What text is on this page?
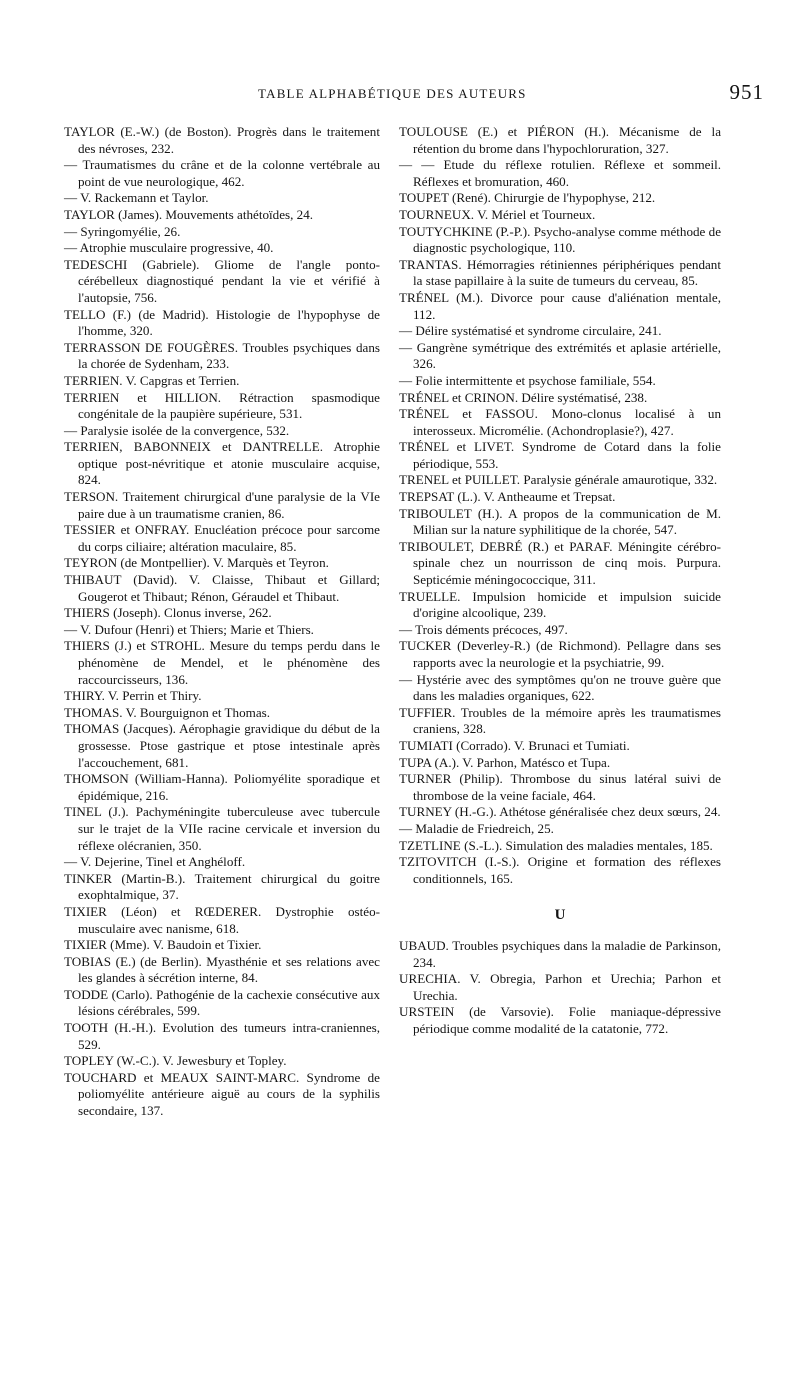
TABLE ALPHABÉTIQUE DES AUTEURS	951

TAYLOR (E.-W.) (de Boston). Progrès dans le traitement des névroses, 232.

— Traumatismes du crâne et de la colonne vertébrale au point de vue neurologique, 462.

— V. Rackemann et Taylor.

TAYLOR (James). Mouvements athétoïdes, 24.

— Syringomyélie, 26.

— Atrophie musculaire progressive, 40.

TEDESCHI (Gabriele). Gliome de l'angle ponto-cérébelleux diagnostiqué pendant la vie et vérifié à l'autopsie, 756.

TELLO (F.) (de Madrid). Histologie de l'hypophyse de l'homme, 320.

TERRASSON DE FOUGÈRES. Troubles psychiques dans la chorée de Sydenham, 233.

TERRIEN. V. Capgras et Terrien.

TERRIEN et HILLION. Rétraction spasmodique congénitale de la paupière supérieure, 531.

— Paralysie isolée de la convergence, 532.

TERRIEN, BABONNEIX et DANTRELLE. Atrophie optique post-névritique et atonie musculaire acquise, 824.

TERSON. Traitement chirurgical d'une paralysie de la VIe paire due à un traumatisme cranien, 86.

TESSIER et ONFRAY. Enucléation précoce pour sarcome du corps ciliaire; altération maculaire, 85.

TEYRON (de Montpellier). V. Marquès et Teyron.

THIBAUT (David). V. Claisse, Thibaut et Gillard; Gougerot et Thibaut; Rénon, Géraudel et Thibaut.

THIERS (Joseph). Clonus inverse, 262.

— V. Dufour (Henri) et Thiers; Marie et Thiers.

THIERS (J.) et STROHL. Mesure du temps perdu dans le phénomène de Mendel, et le phénomène des raccourcisseurs, 136.

THIRY. V. Perrin et Thiry.

THOMAS. V. Bourguignon et Thomas.

THOMAS (Jacques). Aérophagie gravidique du début de la grossesse. Ptose gastrique et ptose intestinale après l'accouchement, 681.

THOMSON (William-Hanna). Poliomyélite sporadique et épidémique, 216.

TINEL (J.). Pachyméningite tuberculeuse avec tubercule sur le trajet de la VIIe racine cervicale et inversion du réflexe olécranien, 350.

— V. Dejerine, Tinel et Anghéloff.

TINKER (Martin-B.). Traitement chirurgical du goitre exophtalmique, 37.

TIXIER (Léon) et RŒDERER. Dystrophie ostéo-musculaire avec nanisme, 618.

TIXIER (Mme). V. Baudoin et Tixier.

TOBIAS (E.) (de Berlin). Myasthénie et ses relations avec les glandes à sécrétion interne, 84.

TODDE (Carlo). Pathogénie de la cachexie consécutive aux lésions cérébrales, 599.

TOOTH (H.-H.). Evolution des tumeurs intra-craniennes, 529.

TOPLEY (W.-C.). V. Jewesbury et Topley.

TOUCHARD et MEAUX SAINT-MARC. Syndrome de poliomyélite antérieure aiguë au cours de la syphilis secondaire, 137.

TOULOUSE (E.) et PIÉRON (H.). Mécanisme de la rétention du brome dans l'hypochloruration, 327.

— — Etude du réflexe rotulien. Réflexe et sommeil. Réflexes et bromuration, 460.

TOUPET (René). Chirurgie de l'hypophyse, 212.

TOURNEUX. V. Mériel et Tourneux.

TOUTYCHKINE (P.-P.). Psycho-analyse comme méthode de diagnostic psychologique, 110.

TRANTAS. Hémorragies rétiniennes périphériques pendant la stase papillaire à la suite de tumeurs du cerveau, 85.

TRÉNEL (M.). Divorce pour cause d'aliénation mentale, 112.

— Délire systématisé et syndrome circulaire, 241.

— Gangrène symétrique des extrémités et aplasie artérielle, 326.

— Folie intermittente et psychose familiale, 554.

TRÉNEL et CRINON. Délire systématisé, 238.

TRÉNEL et FASSOU. Mono-clonus localisé à un interosseux. Micromélie. (Achondroplasie?), 427.

TRÉNEL et LIVET. Syndrome de Cotard dans la folie périodique, 553.

TRENEL et PUILLET. Paralysie générale amaurotique, 332.

TREPSAT (L.). V. Antheaume et Trepsat.

TRIBOULET (H.). A propos de la communication de M. Milian sur la nature syphilitique de la chorée, 547.

TRIBOULET, DEBRÉ (R.) et PARAF. Méningite cérébro-spinale chez un nourrisson de cinq mois. Purpura. Septicémie méningococcique, 311.

TRUELLE. Impulsion homicide et impulsion suicide d'origine alcoolique, 239.

— Trois déments précoces, 497.

TUCKER (Deverley-R.) (de Richmond). Pellagre dans ses rapports avec la neurologie et la psychiatrie, 99.

— Hystérie avec des symptômes qu'on ne trouve guère que dans les maladies organiques, 622.

TUFFIER. Troubles de la mémoire après les traumatismes craniens, 328.

TUMIATI (Corrado). V. Brunaci et Tumiati.

TUPA (A.). V. Parhon, Matésco et Tupa.

TURNER (Philip). Thrombose du sinus latéral suivi de thrombose de la veine faciale, 464.

TURNEY (H.-G.). Athétose généralisée chez deux sœurs, 24.

— Maladie de Friedreich, 25.

TZETLINE (S.-L.). Simulation des maladies mentales, 185.

TZITOVITCH (I.-S.). Origine et formation des réflexes conditionnels, 165.

U

UBAUD. Troubles psychiques dans la maladie de Parkinson, 234.

URECHIA. V. Obregia, Parhon et Urechia; Parhon et Urechia.

URSTEIN (de Varsovie). Folie maniaque-dépressive périodique comme modalité de la catatonie, 772.
